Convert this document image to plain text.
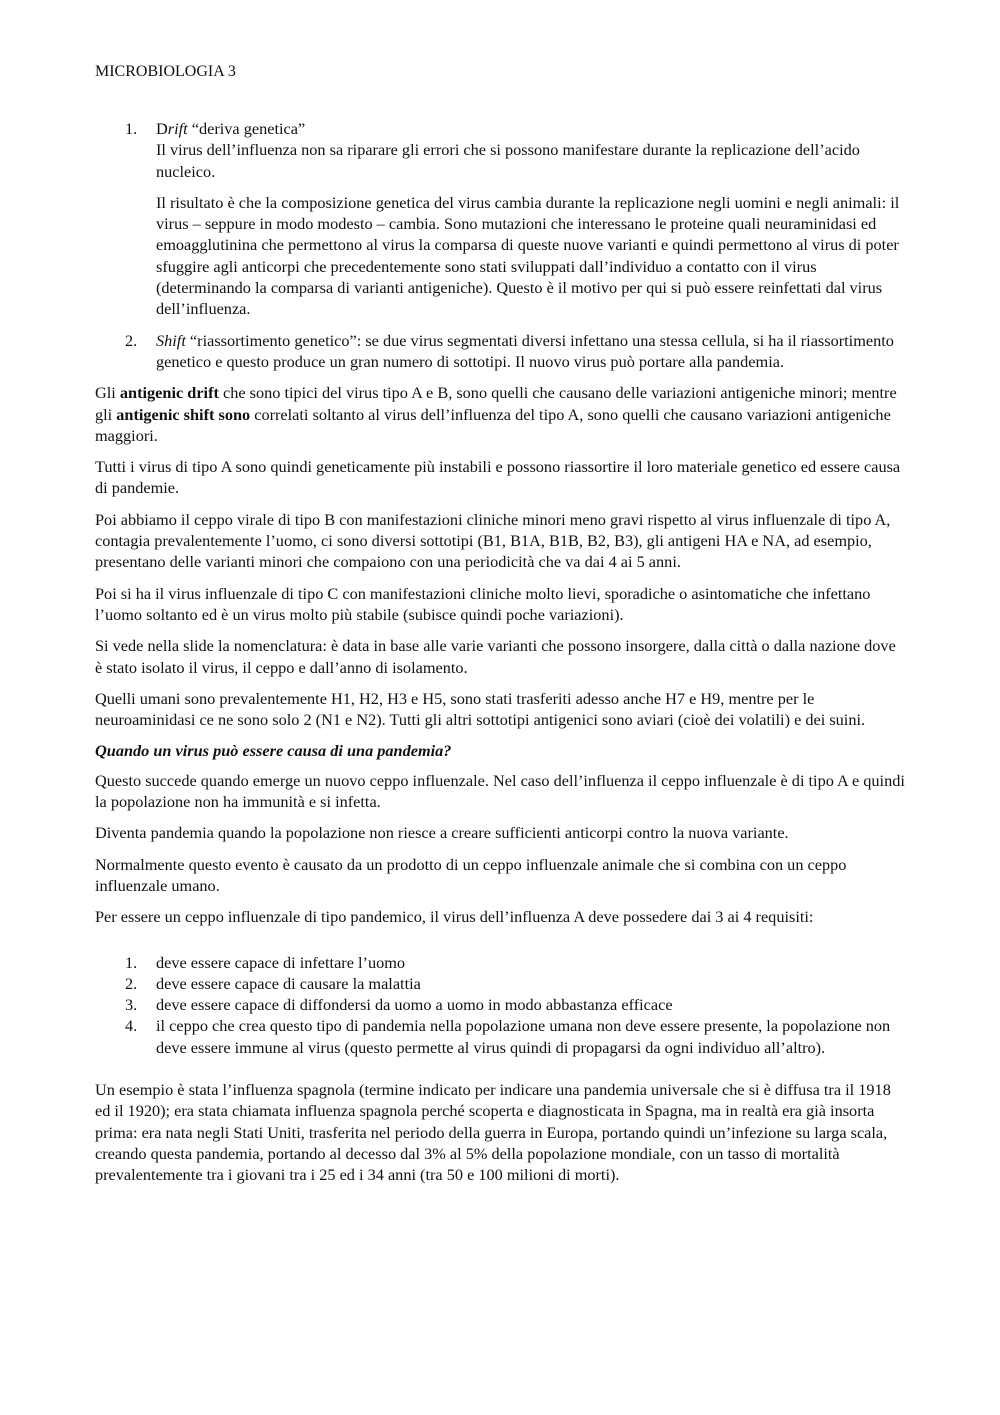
MICROBIOLOGIA 3

1. Drift “deriva genetica”
Il virus dell’influenza non sa riparare gli errori che si possono manifestare durante la replicazione dell’acido nucleico.

Il risultato è che la composizione genetica del virus cambia durante la replicazione negli uomini e negli animali: il virus – seppure in modo modesto – cambia. Sono mutazioni che interessano le proteine quali neuraminidasi ed emoagglutinina che permettono al virus la comparsa di queste nuove varianti e quindi permettono al virus di poter sfuggire agli anticorpi che precedentemente sono stati sviluppati dall’individuo a contatto con il virus (determinando la comparsa di varianti antigeniche). Questo è il motivo per qui si può essere reinfettati dal virus dell’influenza.

2. Shift “riassortimento genetico”: se due virus segmentati diversi infettano una stessa cellula, si ha il riassortimento genetico e questo produce un gran numero di sottotipi. Il nuovo virus può portare alla pandemia.

Gli antigenic drift che sono tipici del virus tipo A e B, sono quelli che causano delle variazioni antigeniche minori; mentre gli antigenic shift sono correlati soltanto al virus dell’influenza del tipo A, sono quelli che causano variazioni antigeniche maggiori.

Tutti i virus di tipo A sono quindi geneticamente più instabili e possono riassortire il loro materiale genetico ed essere causa di pandemie.

Poi abbiamo il ceppo virale di tipo B con manifestazioni cliniche minori meno gravi rispetto al virus influenzale di tipo A, contagia prevalentemente l’uomo, ci sono diversi sottotipi (B1, B1A, B1B, B2, B3), gli antigeni HA e NA, ad esempio, presentano delle varianti minori che compaiono con una periodicità che va dai 4 ai 5 anni.

Poi si ha il virus influenzale di tipo C con manifestazioni cliniche molto lievi, sporadiche o asintomatiche che infettano l’uomo soltanto ed è un virus molto più stabile (subisce quindi poche variazioni).

Si vede nella slide la nomenclatura: è data in base alle varie varianti che possono insorgere, dalla città o dalla nazione dove è stato isolato il virus, il ceppo e dall’anno di isolamento.

Quelli umani sono prevalentemente H1, H2, H3 e H5, sono stati trasferiti adesso anche H7 e H9, mentre per le neuroaminidasi ce ne sono solo 2 (N1 e N2). Tutti gli altri sottotipi antigenici sono aviari (cioè dei volatili) e dei suini.

Quando un virus può essere causa di una pandemia?

Questo succede quando emerge un nuovo ceppo influenzale. Nel caso dell’influenza il ceppo influenzale è di tipo A e quindi la popolazione non ha immunità e si infetta.

Diventa pandemia quando la popolazione non riesce a creare sufficienti anticorpi contro la nuova variante.

Normalmente questo evento è causato da un prodotto di un ceppo influenzale animale che si combina con un ceppo influenzale umano.

Per essere un ceppo influenzale di tipo pandemico, il virus dell’influenza A deve possedere dai 3 ai 4 requisiti:

1. deve essere capace di infettare l’uomo
2. deve essere capace di causare la malattia
3. deve essere capace di diffondersi da uomo a uomo in modo abbastanza efficace
4. il ceppo che crea questo tipo di pandemia nella popolazione umana non deve essere presente, la popolazione non deve essere immune al virus (questo permette al virus quindi di propagarsi da ogni individuo all’altro).

Un esempio è stata l’influenza spagnola (termine indicato per indicare una pandemia universale che si è diffusa tra il 1918 ed il 1920); era stata chiamata influenza spagnola perché scoperta e diagnosticata in Spagna, ma in realtà era già insorta prima: era nata negli Stati Uniti, trasferita nel periodo della guerra in Europa, portando quindi un’infezione su larga scala, creando questa pandemia, portando al decesso dal 3% al 5% della popolazione mondiale, con un tasso di mortalità prevalentemente tra i giovani tra i 25 ed i 34 anni (tra 50 e 100 milioni di morti).
